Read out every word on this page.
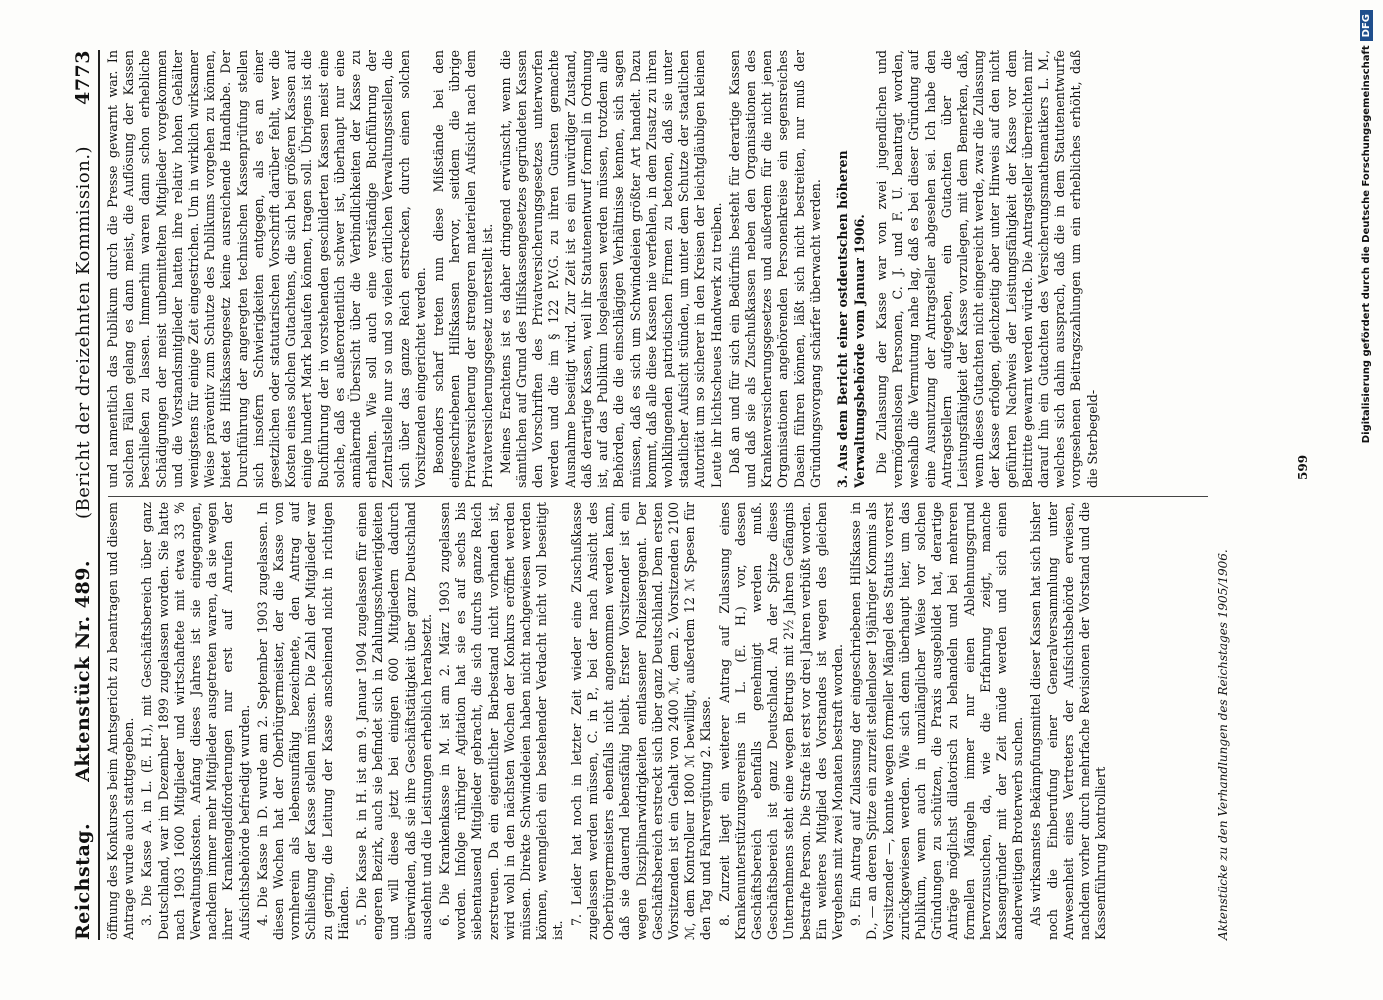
Reichstag.
Aktenstück Nr. 489.
(Bericht der dreizehnten Kommission.)
4773

öffnung des Konkurses beim Amtsgericht zu beantragen und diesem Antrage wurde auch stattgegeben. 3. Die Kasse A. in L. (E. H.), mit Geschäftsbereich über ganz Deutschland, war im Dezember 1899 zugelassen worden. Sie hatte nach 1903 1600 Mitglieder und wirtschaftete mit etwa 33 % Verwaltungskosten. Anfang dieses Jahres ist sie eingegangen, nachdem immer mehr Mitglieder ausgetreten waren, da sie wegen ihrer Krankengeldforderungen nur erst auf Anrufen der Aufsichtsbehörde befriedigt wurden. 4. Die Kasse in D. wurde am 2. September 1903 zugelassen. In diesen Wochen hat der Oberbürgermeister, der die Kasse von vornherein als lebensunfähig bezeichnete, den Antrag auf Schließung der Kasse stellen müssen. Die Zahl der Mitglieder war zu gering, die Leitung der Kasse anscheinend nicht in richtigen Händen. 5. Die Kasse R. in H. ist am 9. Januar 1904 zugelassen für einen engeren Bezirk, auch sie befindet sich in Zahlungsschwierigkeiten und will diese jetzt bei einigen 600 Mitgliedern dadurch überwinden, daß sie ihre Geschäftstätigkeit über ganz Deutschland ausdehnt und die Leistungen erheblich herabsetzt. 6. Die Krankenkasse in M. ist am 2. März 1903 zugelassen worden. Infolge rühriger Agitation hat sie es auf sechs bis siebentausend Mitglieder gebracht, die sich durchs ganze Reich zerstreuen. Da ein eigentlicher Barbestand nicht vorhanden ist, wird wohl in den nächsten Wochen der Konkurs eröffnet werden müssen. Direkte Schwindeleien haben nicht nachgewiesen werden können, wenngleich ein bestehender Verdacht nicht voll beseitigt ist.

7. Leider hat noch in letzter Zeit wieder eine Zuschußkasse zugelassen werden müssen, C. in P., bei der nach Ansicht des Oberbürgermeisters ebenfalls nicht angenommen werden kann, daß sie dauernd lebensfähig bleibt. Erster Vorsitzender ist ein wegen Disziplinarwidrigkeiten entlassener Polizeisergeant. Der Geschäftsbereich erstreckt sich über ganz Deutschland. Dem ersten Vorsitzenden ist ein Gehalt von 2400 ℳ, dem 2. Vorsitzenden 2100 ℳ, dem Kontrolleur 1800 ℳ bewilligt, außerdem 12 ℳ Spesen für den Tag und Fahrvergütung 2. Klasse. 8. Zurzeit liegt ein weiterer Antrag auf Zulassung eines Krankenunterstützungsvereins in L. (E. H.) vor, dessen Geschäftsbereich ebenfalls genehmigt werden muß. Geschäftsbereich ist ganz Deutschland. An der Spitze dieses Unternehmens steht eine wegen Betrugs mit 2½ Jahren Gefängnis bestrafte Person. Die Strafe ist erst vor drei Jahren verbüßt worden. Ein weiteres Mitglied des Vorstandes ist wegen des gleichen Vergehens mit zwei Monaten bestraft worden. 9. Ein Antrag auf Zulassung der eingeschriebenen Hilfskasse in D., — an deren Spitze ein zurzeit stellenloser 19jähriger Kommis als Vorsitzender —, konnte wegen formeller Mängel des Statuts vorerst zurückgewiesen werden. Wie sich denn überhaupt hier, um das Publikum, wenn auch in unzulänglicher Weise vor solchen Gründungen zu schützen, die Praxis ausgebildet hat, derartige Anträge möglichst dilatorisch zu behandeln und bei mehreren formellen Mängeln immer nur einen Ablehnungsgrund hervorzusuchen, da, wie die Erfahrung zeigt, manche Kassengründer mit der Zeit müde werden und sich einen anderweitigen Broterwerb suchen. Als wirksamstes Bekämpfungsmittel dieser Kassen hat sich bisher noch die Einberufung einer Generalversammlung unter Anwesenheit eines Vertreters der Aufsichtsbehörde erwiesen, nachdem vorher durch mehrfache Revisionen der Vorstand und die Kassenführung kontrolliert

und namentlich das Publikum durch die Presse gewarnt war. In solchen Fällen gelang es dann meist, die Auflösung der Kassen beschließen zu lassen. Immerhin waren dann schon erhebliche Schädigungen der meist unbemittelten Mitglieder vorgekommen und die Vorstandsmitglieder hatten ihre relativ hohen Gehälter wenigstens für einige Zeit eingestrichen. Um in wirklich wirksamer Weise präventiv zum Schutze des Publikums vorgehen zu können, bietet das Hilfskassengesetz keine ausreichende Handhabe. Der Durchführung der angeregten technischen Kassenprüfung stellen sich insofern Schwierigkeiten entgegen, als es an einer gesetzlichen oder statutarischen Vorschrift darüber fehlt, wer die Kosten eines solchen Gutachtens, die sich bei größeren Kassen auf einige hundert Mark belaufen können, tragen soll. Übrigens ist die Buchführung der in vorstehenden geschilderten Kassen meist eine solche, daß es außerordentlich schwer ist, überhaupt nur eine annähernde Übersicht über die Verbindlichkeiten der Kasse zu erhalten. Wie soll auch eine verständige Buchführung der Zentralstelle nur so und so vielen örtlichen Verwaltungsstellen, die sich über das ganze Reich erstrecken, durch einen solchen Vorsitzenden eingerichtet werden. Besonders scharf treten nun diese Mißstände bei den eingeschriebenen Hilfskassen hervor, seitdem die übrige Privatversicherung der strengeren materiellen Aufsicht nach dem Privatversicherungsgesetz unterstellt ist. Meines Erachtens ist es daher dringend erwünscht, wenn die sämtlichen auf Grund des Hilfskassengesetzes gegründeten Kassen den Vorschriften des Privatversicherungsgesetzes unterworfen werden und die im § 122 P.V.G. zu ihren Gunsten gemachte Ausnahme beseitigt wird. Zur Zeit ist es ein unwürdiger Zustand, daß derartige Kassen, weil ihr Statutenentwurf formell in Ordnung ist, auf das Publikum losgelassen werden müssen, trotzdem alle Behörden, die die einschlägigen Verhältnisse kennen, sich sagen müssen, daß es sich um Schwindeleien größter Art handelt. Dazu kommt, daß alle diese Kassen nie verfehlen, in dem Zusatz zu ihren wohlklingenden patriotischen Firmen zu betonen, daß sie unter staatlicher Aufsicht stünden, um unter dem Schutze der staatlichen Autorität um so sicherer in den Kreisen der leichtgläubigen kleinen Leute ihr lichtscheues Handwerk zu treiben. Daß an und für sich ein Bedürfnis besteht für derartige Kassen und daß sie als Zuschußkassen neben den Organisationen des Krankenversicherungsgesetzes und außerdem für die nicht jenen Organisationen angehörenden Personenkreise ein segensreiches Dasein führen können, läßt sich nicht bestreiten, nur muß der Gründungsvorgang schärfer überwacht werden. 3. Aus dem Bericht einer ostdeutschen höheren Verwaltungsbehörde vom Januar 1906. Die Zulassung der Kasse war von zwei jugendlichen und vermögenslosen Personen, C. J. und F. U. beantragt worden, weshalb die Vermutung nahe lag, daß es bei dieser Gründung auf eine Ausnutzung der Antragsteller abgesehen sei. Ich habe den Antragstellern aufgegeben, ein Gutachten über die Leistungsfähigkeit der Kasse vorzulegen, mit dem Bemerken, daß, wenn dieses Gutachten nicht eingereicht werde, zwar die Zulassung der Kasse erfolgen, gleichzeitig aber unter Hinweis auf den nicht geführten Nachweis der Leistungsfähigkeit der Kasse vor dem Beitritte gewarnt werden würde. Die Antragsteller überreichten mir darauf hin ein Gutachten des Versicherungsmathematikers L. M., welches sich dahin aussprach, daß die in dem Statutenentwurfe vorgesehenen Beitragszahlungen um ein erhebliches erhöht, daß die Sterbegeld-

Aktenstücke zu den Verhandlungen des Reichstages 1905/1906.
599
Digitalisierung gefördert durch die Deutsche Forschungsgemeinschaft
DFG
